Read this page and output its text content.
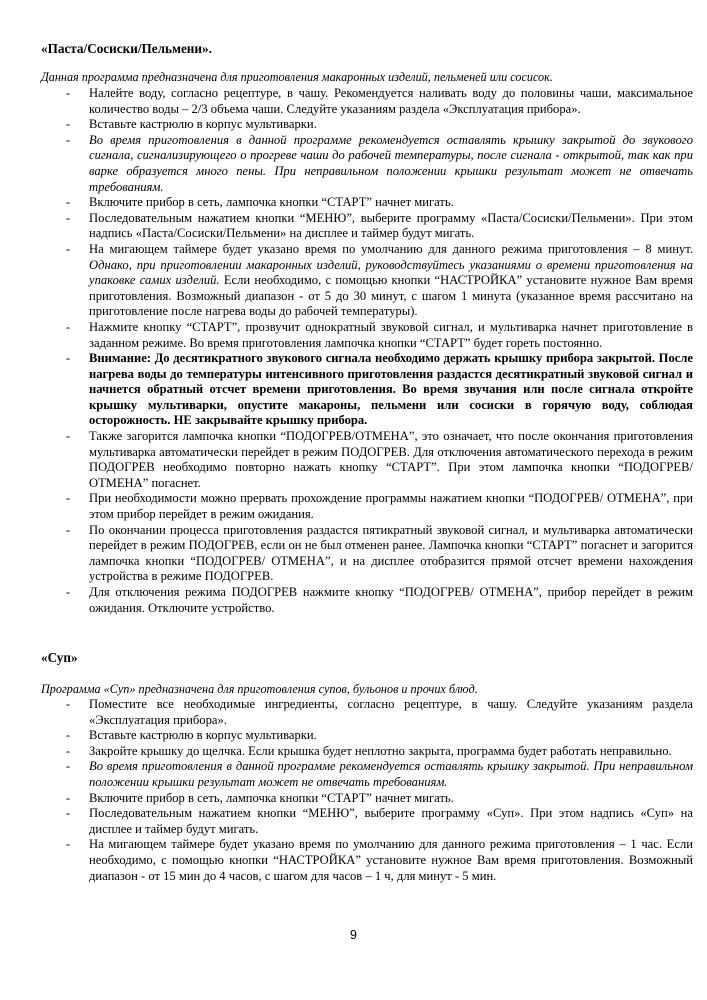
«Паста/Сосиски/Пельмени».

Данная программа предназначена для приготовления макаронных изделий, пельменей или сосисок.

- Налейте воду, согласно рецептуре, в чашу. Рекомендуется наливать воду до половины чаши, максимальное количество воды – 2/3 объема чаши. Следуйте указаниям раздела «Эксплуатация прибора».
- Вставьте кастрюлю в корпус мультиварки.
- Во время приготовления в данной программе рекомендуется оставлять крышку закрытой до звукового сигнала, сигнализирующего о прогреве чаши до рабочей температуры, после сигнала - открытой, так как при варке образуется много пены. При неправильном положении крышки результат может не отвечать требованиям.
- Включите прибор в сеть, лампочка кнопки “СТАРТ” начнет мигать.
- Последовательным нажатием кнопки “МЕНЮ”, выберите программу «Паста/Сосиски/Пельмени». При этом надпись «Паста/Сосиски/Пельмени» на дисплее и таймер будут мигать.
- На мигающем таймере будет указано время по умолчанию для данного режима приготовления – 8 минут. Однако, при приготовлении макаронных изделий, руководствуйтесь указаниями о времени приготовления на упаковке самих изделий. Если необходимо, с помощью кнопки “НАСТРОЙКА” установите нужное Вам время приготовления. Возможный диапазон - от 5 до 30 минут, с шагом 1 минута (указанное время рассчитано на приготовление после нагрева воды до рабочей температуры).
- Нажмите кнопку “СТАРТ”, прозвучит однократный звуковой сигнал, и мультиварка начнет приготовление в заданном режиме. Во время приготовления лампочка кнопки “СТАРТ” будет гореть постоянно.
- Внимание: До десятикратного звукового сигнала необходимо держать крышку прибора закрытой. После нагрева воды до температуры интенсивного приготовления раздастся десятикратный звуковой сигнал и начнется обратный отсчет времени приготовления. Во время звучания или после сигнала откройте крышку мультиварки, опустите макароны, пельмени или сосиски в горячую воду, соблюдая осторожность. НЕ закрывайте крышку прибора.
- Также загорится лампочка кнопки “ПОДОГРЕВ/ОТМЕНА”, это означает, что после окончания приготовления мультиварка автоматически перейдет в режим ПОДОГРЕВ. Для отключения автоматического перехода в режим ПОДОГРЕВ необходимо повторно нажать кнопку “СТАРТ”. При этом лампочка кнопки “ПОДОГРЕВ/ОТМЕНА” погаснет.
- При необходимости можно прервать прохождение программы нажатием кнопки “ПОДОГРЕВ/ ОТМЕНА”, при этом прибор перейдет в режим ожидания.
- По окончании процесса приготовления раздастся пятикратный звуковой сигнал, и мультиварка автоматически перейдет в режим ПОДОГРЕВ, если он не был отменен ранее. Лампочка кнопки “СТАРТ” погаснет и загорится лампочка кнопки “ПОДОГРЕВ/ ОТМЕНА”, и на дисплее отобразится прямой отсчет времени нахождения устройства в режиме ПОДОГРЕВ.
- Для отключения режима ПОДОГРЕВ нажмите кнопку “ПОДОГРЕВ/ ОТМЕНА”, прибор перейдет в режим ожидания. Отключите устройство.
«Суп»

Программа «Суп» предназначена для приготовления супов, бульонов и прочих блюд.

- Поместите все необходимые ингредиенты, согласно рецептуре, в чашу. Следуйте указаниям раздела «Эксплуатация прибора».
- Вставьте кастрюлю в корпус мультиварки.
- Закройте крышку до щелчка. Если крышка будет неплотно закрыта, программа будет работать неправильно.
- Во время приготовления в данной программе рекомендуется оставлять крышку закрытой. При неправильном положении крышки результат может не отвечать требованиям.
- Включите прибор в сеть, лампочка кнопки “СТАРТ” начнет мигать.
- Последовательным нажатием кнопки “МЕНЮ”, выберите программу «Суп». При этом надпись «Суп» на дисплее и таймер будут мигать.
- На мигающем таймере будет указано время по умолчанию для данного режима приготовления – 1 час. Если необходимо, с помощью кнопки “НАСТРОЙКА” установите нужное Вам время приготовления. Возможный диапазон - от 15 мин до 4 часов, с шагом для часов – 1 ч, для минут - 5 мин.

9
